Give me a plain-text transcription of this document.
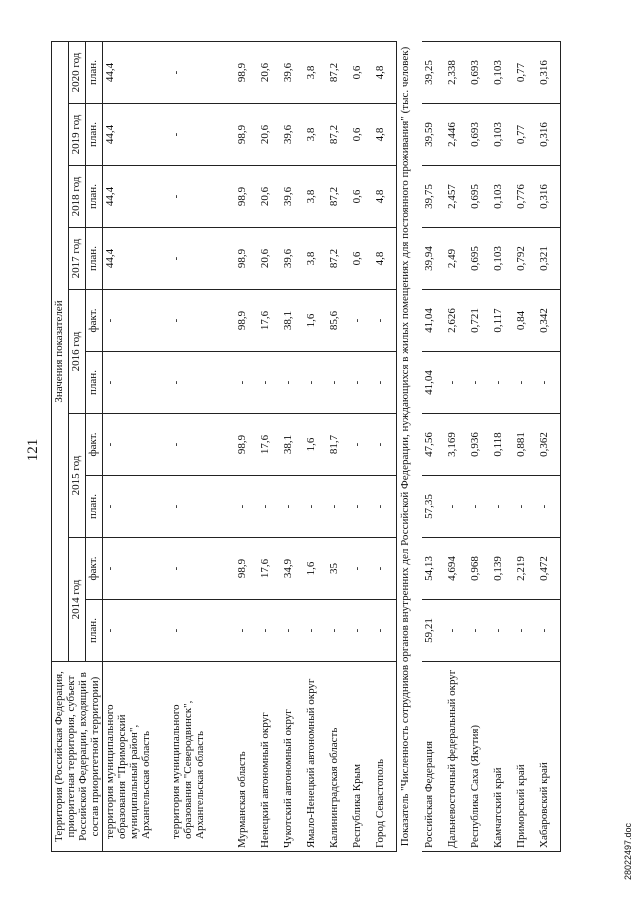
121
Территория (Российская Федерация, приоритетная территория, субъект Российской Федерации, входящий в состав приоритетной территории)	Значения показателей									
	2014 год		2015 год		2016 год		2017 год	2018 год	2019 год	2020 год
	план.	факт.	план.	факт.	план.	факт.	план.	план.	план.	план.
территория муниципального образования "Приморский муниципальный район", Архангельская область	-	-	-	-	-	-	44,4	44,4	44,4	44,4
территория муниципального образования "Северодвинск", Архангельская область	-	-	-	-	-	-	-	-	-	-
Мурманская область	-	98,9	-	98,9	-	98,9	98,9	98,9	98,9	98,9
Ненецкий автономный округ	-	17,6	-	17,6	-	17,6	20,6	20,6	20,6	20,6
Чукотский автономный округ	-	34,9	-	38,1	-	38,1	39,6	39,6	39,6	39,6
Ямало-Ненецкий автономный округ	-	1,6	-	1,6	-	1,6	3,8	3,8	3,8	3,8
Калининградская область	-	35	-	81,7	-	85,6	87,2	87,2	87,2	87,2
Республика Крым	-	-	-	-	-	-	0,6	0,6	0,6	0,6
Город Севастополь	-	-	-	-	-	-	4,8	4,8	4,8	4,8
Показатель "Численность сотрудников органов внутренних дел Российской Федерации, нуждающихся в жилых помещениях для постоянного проживания" (тыс. человек)										
Российская Федерация	59,21	54,13	57,35	47,56	41,04	41,04	39,94	39,75	39,59	39,25
Дальневосточный федеральный округ	-	4,694	-	3,169	-	2,626	2,49	2,457	2,446	2,338
Республика Саха (Якутия)	-	0,968	-	0,936	-	0,721	0,695	0,695	0,693	0,693
Камчатский край	-	0,139	-	0,118	-	0,117	0,103	0,103	0,103	0,103
Приморский край	-	2,219	-	0,881	-	0,84	0,792	0,776	0,77	0,77
Хабаровский край	-	0,472	-	0,362	-	0,342	0,321	0,316	0,316	0,316
28022497.doc
